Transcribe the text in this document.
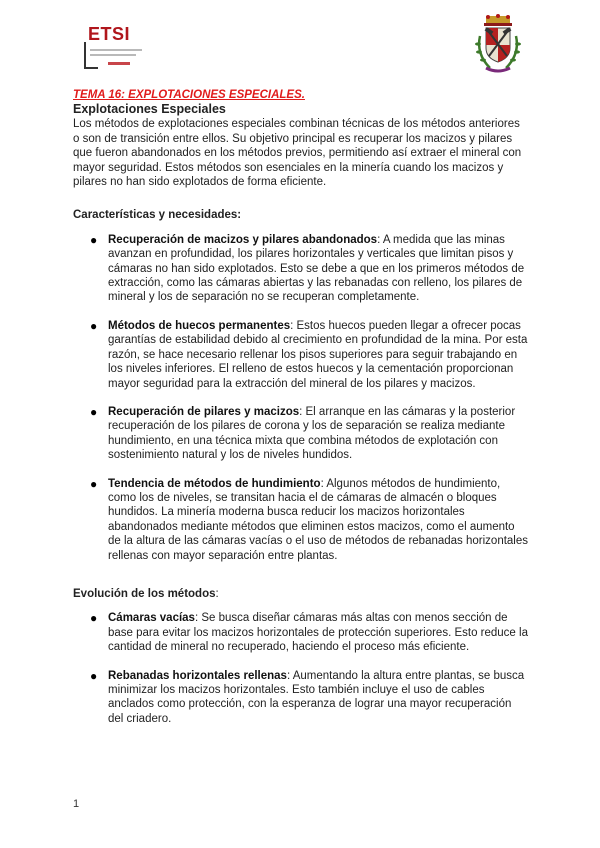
ETSI

TEMA 16: EXPLOTACIONES ESPECIALES.

Explotaciones Especiales

Los métodos de explotaciones especiales combinan técnicas de los métodos anteriores o son de transición entre ellos. Su objetivo principal es recuperar los macizos y pilares que fueron abandonados en los métodos previos, permitiendo así extraer el mineral con mayor seguridad. Estos métodos son esenciales en la minería cuando los macizos y pilares no han sido explotados de forma eficiente.

Características y necesidades:

● Recuperación de macizos y pilares abandonados: A medida que las minas avanzan en profundidad, los pilares horizontales y verticales que limitan pisos y cámaras no han sido explotados. Esto se debe a que en los primeros métodos de extracción, como las cámaras abiertas y las rebanadas con relleno, los pilares de mineral y los de separación no se recuperan completamente.
● Métodos de huecos permanentes: Estos huecos pueden llegar a ofrecer pocas garantías de estabilidad debido al crecimiento en profundidad de la mina. Por esta razón, se hace necesario rellenar los pisos superiores para seguir trabajando en los niveles inferiores. El relleno de estos huecos y la cementación proporcionan mayor seguridad para la extracción del mineral de los pilares y macizos.
● Recuperación de pilares y macizos: El arranque en las cámaras y la posterior recuperación de los pilares de corona y los de separación se realiza mediante hundimiento, en una técnica mixta que combina métodos de explotación con sostenimiento natural y los de niveles hundidos.
● Tendencia de métodos de hundimiento: Algunos métodos de hundimiento, como los de niveles, se transitan hacia el de cámaras de almacén o bloques hundidos. La minería moderna busca reducir los macizos horizontales abandonados mediante métodos que eliminen estos macizos, como el aumento de la altura de las cámaras vacías o el uso de métodos de rebanadas horizontales rellenas con mayor separación entre plantas.

Evolución de los métodos:

● Cámaras vacías: Se busca diseñar cámaras más altas con menos sección de base para evitar los macizos horizontales de protección superiores. Esto reduce la cantidad de mineral no recuperado, haciendo el proceso más eficiente.
● Rebanadas horizontales rellenas: Aumentando la altura entre plantas, se busca minimizar los macizos horizontales. Esto también incluye el uso de cables anclados como protección, con la esperanza de lograr una mayor recuperación del criadero.
1
